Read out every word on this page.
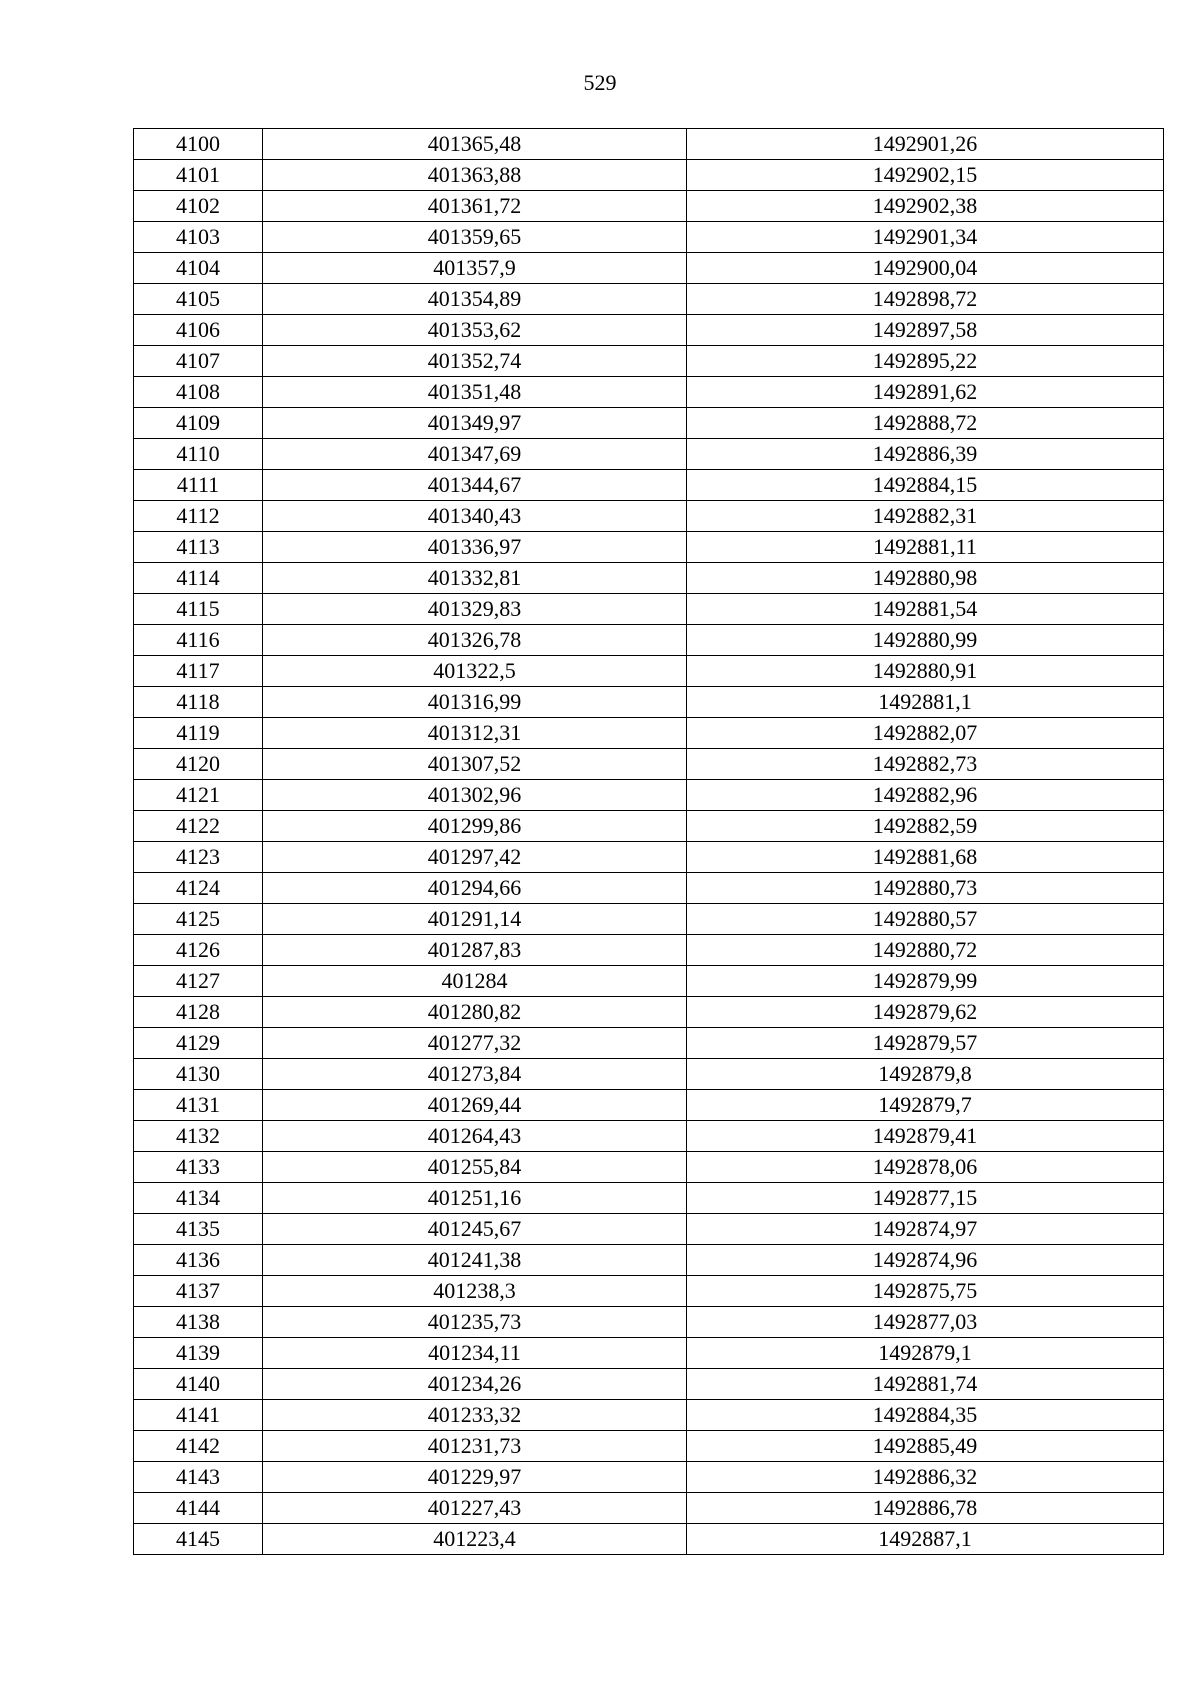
529
4100	401365,48	1492901,26
4101	401363,88	1492902,15
4102	401361,72	1492902,38
4103	401359,65	1492901,34
4104	401357,9	1492900,04
4105	401354,89	1492898,72
4106	401353,62	1492897,58
4107	401352,74	1492895,22
4108	401351,48	1492891,62
4109	401349,97	1492888,72
4110	401347,69	1492886,39
4111	401344,67	1492884,15
4112	401340,43	1492882,31
4113	401336,97	1492881,11
4114	401332,81	1492880,98
4115	401329,83	1492881,54
4116	401326,78	1492880,99
4117	401322,5	1492880,91
4118	401316,99	1492881,1
4119	401312,31	1492882,07
4120	401307,52	1492882,73
4121	401302,96	1492882,96
4122	401299,86	1492882,59
4123	401297,42	1492881,68
4124	401294,66	1492880,73
4125	401291,14	1492880,57
4126	401287,83	1492880,72
4127	401284	1492879,99
4128	401280,82	1492879,62
4129	401277,32	1492879,57
4130	401273,84	1492879,8
4131	401269,44	1492879,7
4132	401264,43	1492879,41
4133	401255,84	1492878,06
4134	401251,16	1492877,15
4135	401245,67	1492874,97
4136	401241,38	1492874,96
4137	401238,3	1492875,75
4138	401235,73	1492877,03
4139	401234,11	1492879,1
4140	401234,26	1492881,74
4141	401233,32	1492884,35
4142	401231,73	1492885,49
4143	401229,97	1492886,32
4144	401227,43	1492886,78
4145	401223,4	1492887,1
